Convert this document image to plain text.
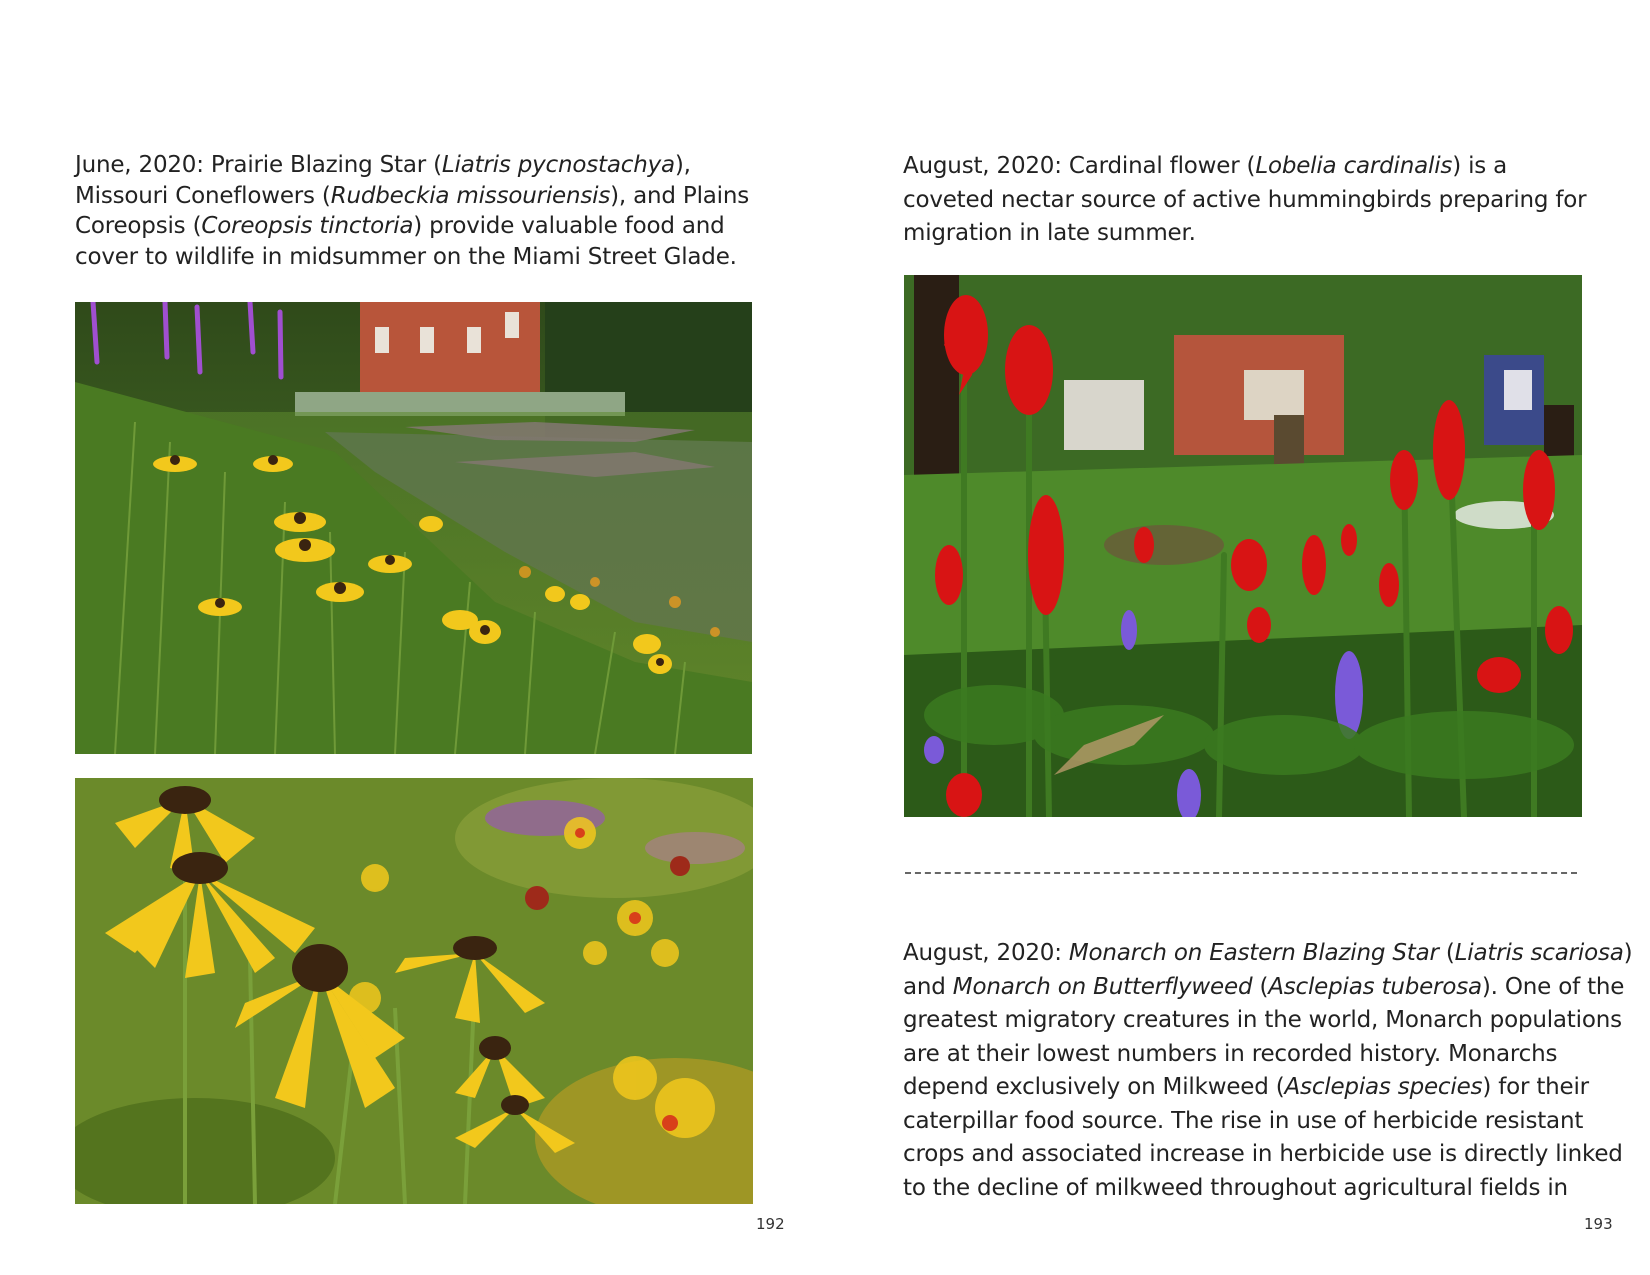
June, 2020: Prairie Blazing Star (Liatris pycnostachya),
Missouri Coneflowers (Rudbeckia missouriensis), and Plains
Coreopsis (Coreopsis tinctoria) provide valuable food and
cover to wildlife in midsummer on the Miami Street Glade.
August, 2020: Cardinal flower (Lobelia cardinalis) is a
coveted nectar source of active hummingbirds preparing for
migration in late summer.
August, 2020: Monarch on Eastern Blazing Star (Liatris scariosa)
and Monarch on Butterflyweed (Asclepias tuberosa). One of the
greatest migratory creatures in the world, Monarch populations
are at their lowest numbers in recorded history. Monarchs
depend exclusively on Milkweed (Asclepias species) for their
caterpillar food source. The rise in use of herbicide resistant
crops and associated increase in herbicide use is directly linked
to the decline of milkweed throughout agricultural fields in
192	193
